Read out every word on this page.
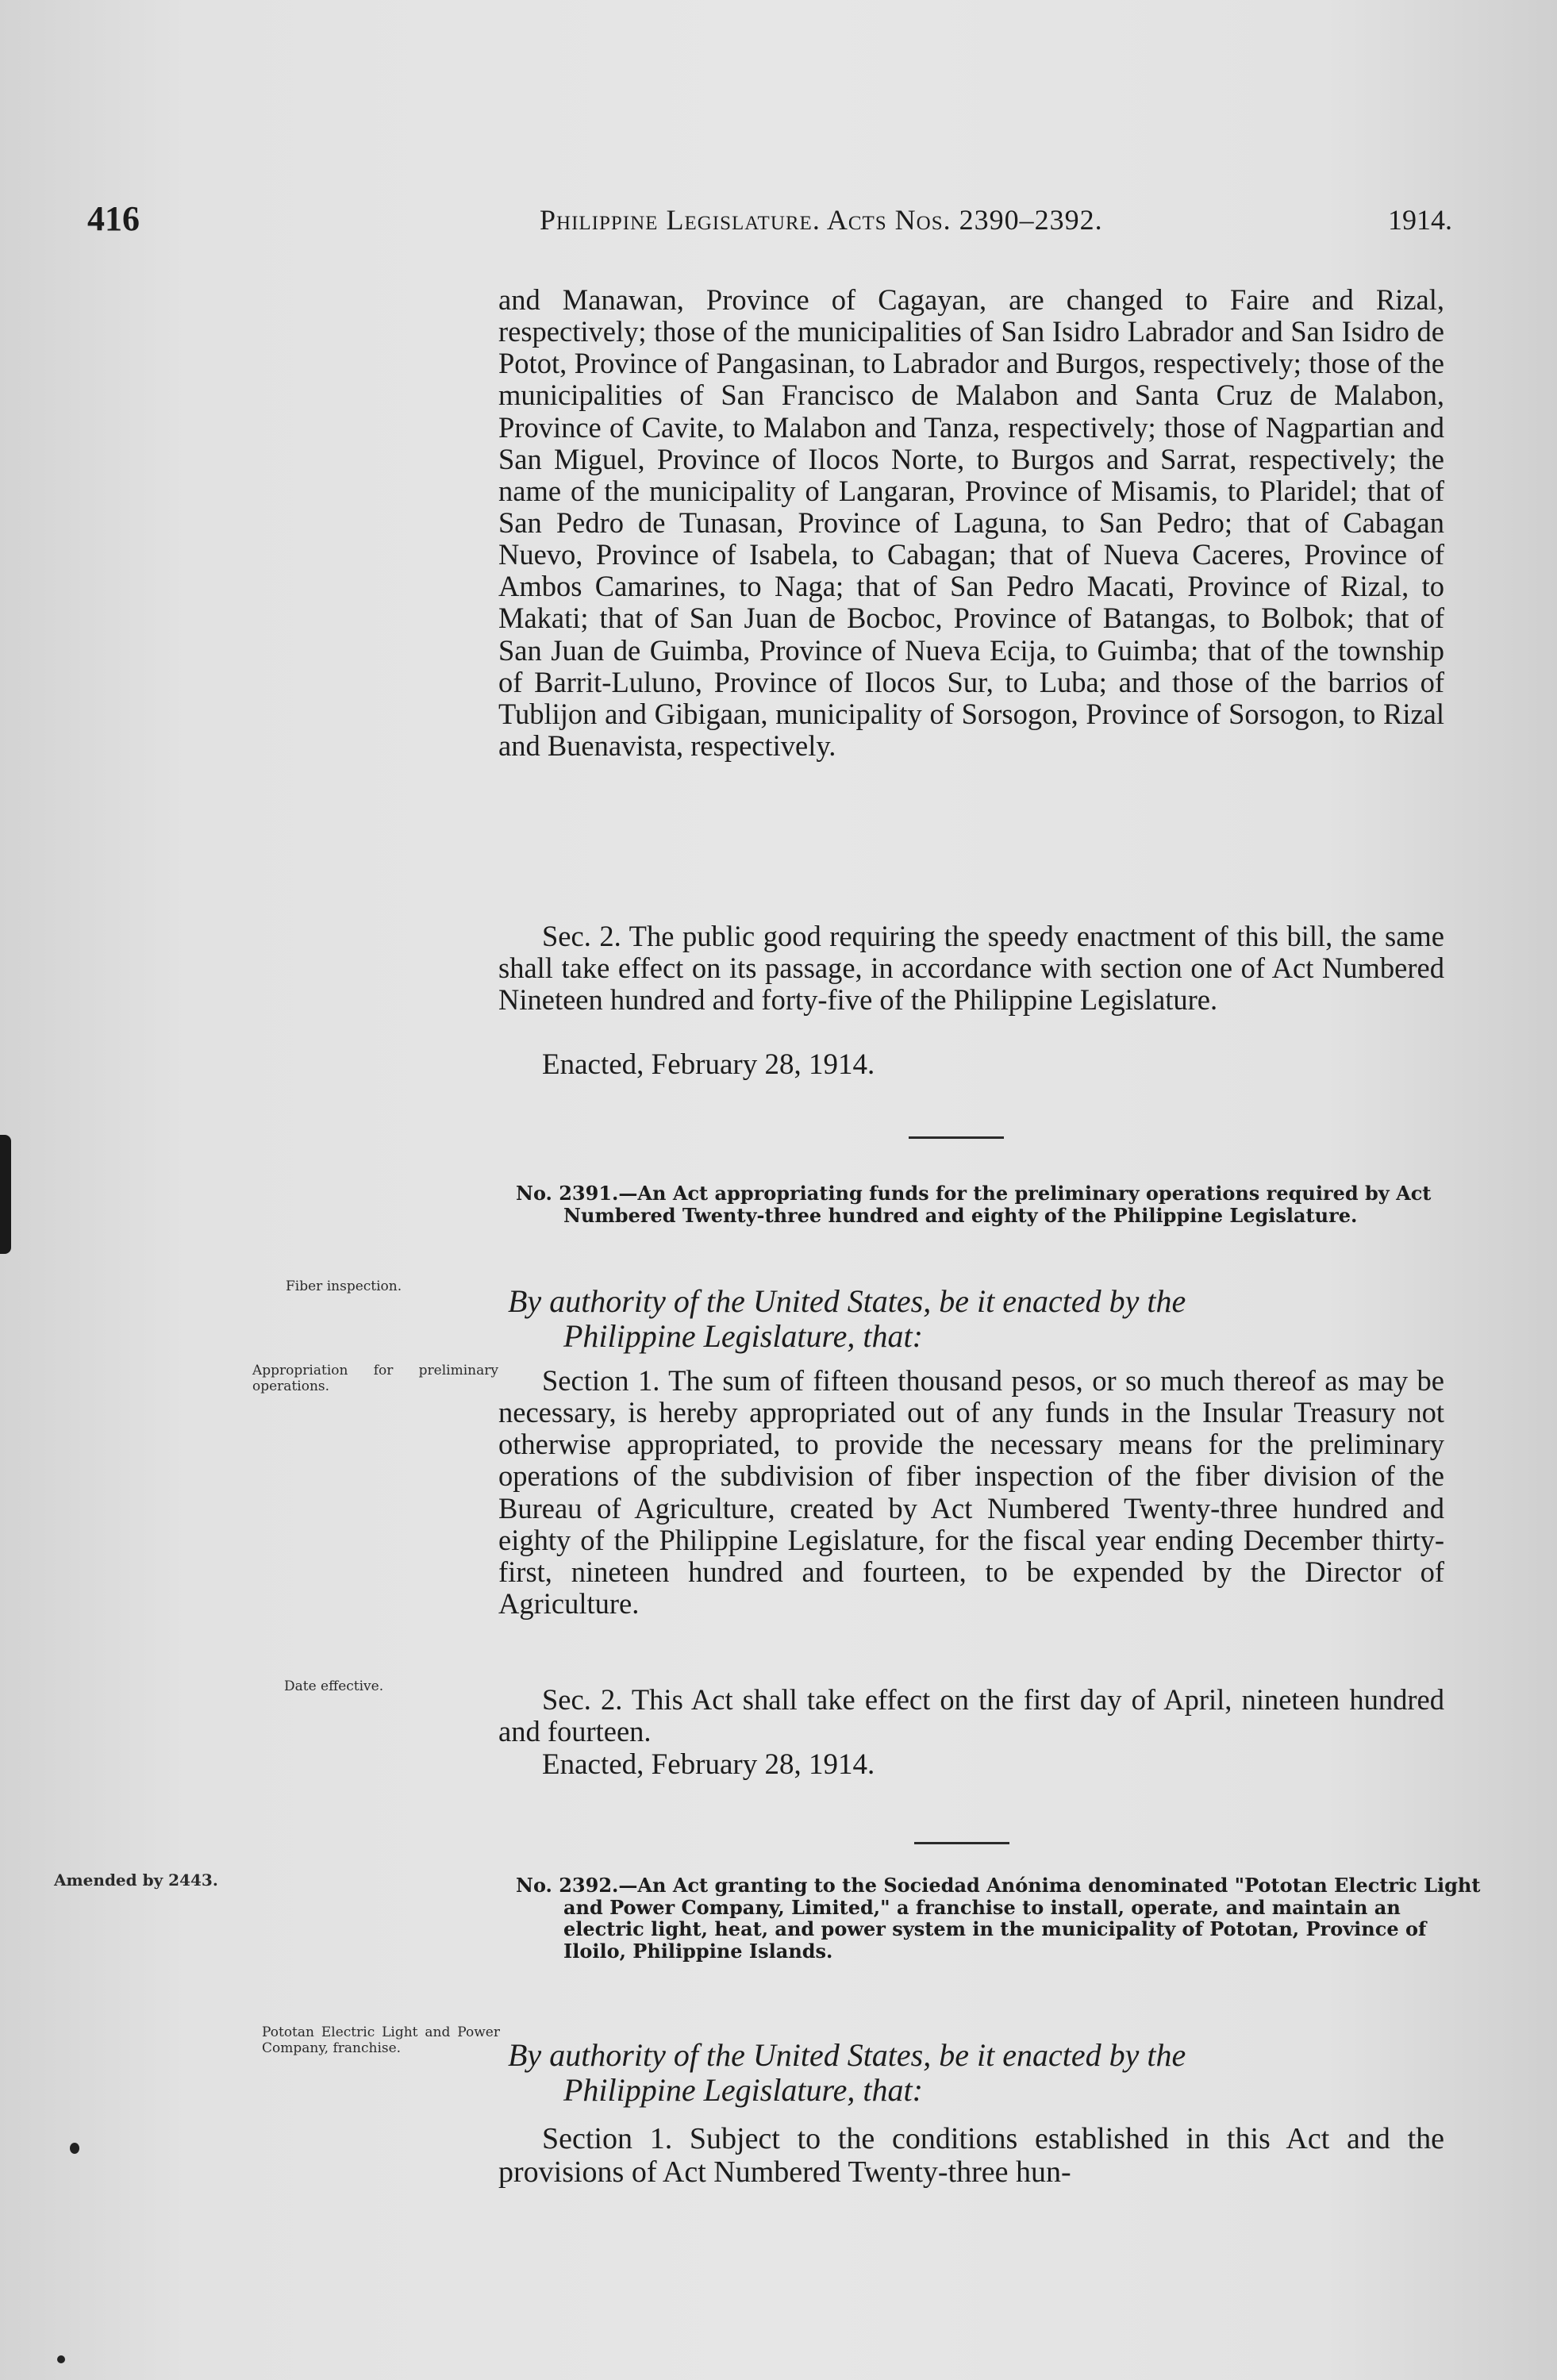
416	Philippine Legislature. Acts Nos. 2390–2392.	1914.

and Manawan, Province of Cagayan, are changed to Faire and Rizal, respectively; those of the municipalities of San Isidro Labrador and San Isidro de Potot, Province of Pangasinan, to Labrador and Burgos, respectively; those of the municipalities of San Francisco de Malabon and Santa Cruz de Malabon, Province of Cavite, to Malabon and Tanza, respectively; those of Nagpartian and San Miguel, Province of Ilocos Norte, to Burgos and Sarrat, respectively; the name of the municipality of Langaran, Province of Misamis, to Plaridel; that of San Pedro de Tunasan, Province of Laguna, to San Pedro; that of Cabagan Nuevo, Province of Isabela, to Cabagan; that of Nueva Caceres, Province of Ambos Camarines, to Naga; that of San Pedro Macati, Province of Rizal, to Makati; that of San Juan de Bocboc, Province of Batangas, to Bolbok; that of San Juan de Guimba, Province of Nueva Ecija, to Guimba; that of the township of Barrit-Luluno, Province of Ilocos Sur, to Luba; and those of the barrios of Tublijon and Gibigaan, municipality of Sorsogon, Province of Sorsogon, to Rizal and Buenavista, respectively.

Sec. 2. The public good requiring the speedy enactment of this bill, the same shall take effect on its passage, in accordance with section one of Act Numbered Nineteen hundred and forty-five of the Philippine Legislature.

Enacted, February 28, 1914.
No. 2391.—An Act appropriating funds for the preliminary operations required by Act Numbered Twenty-three hundred and eighty of the Philippine Legislature.
Fiber inspection.	By authority of the United States, be it enacted by the
Philippine Legislature, that:
Appropriation for preliminary operations.	Section 1. The sum of fifteen thousand pesos, or so much thereof as may be necessary, is hereby appropriated out of any funds in the Insular Treasury not otherwise appropriated, to provide the necessary means for the preliminary operations of the subdivision of fiber inspection of the fiber division of the Bureau of Agriculture, created by Act Numbered Twenty-three hundred and eighty of the Philippine Legislature, for the fiscal year ending December thirty-first, nineteen hundred and fourteen, to be expended by the Director of Agriculture.

Date effective.	Sec. 2. This Act shall take effect on the first day of April, nineteen hundred and fourteen.

Enacted, February 28, 1914.
Amended by 2443.	No. 2392.—An Act granting to the Sociedad Anónima denominated "Pototan Electric Light and Power Company, Limited," a franchise to install, operate, and maintain an electric light, heat, and power system in the municipality of Pototan, Province of Iloilo, Philippine Islands.
Pototan Electric Light and Power Company, franchise.	By authority of the United States, be it enacted by the
Philippine Legislature, that:

Section 1. Subject to the conditions established in this Act and the provisions of Act Numbered Twenty-three hun-
